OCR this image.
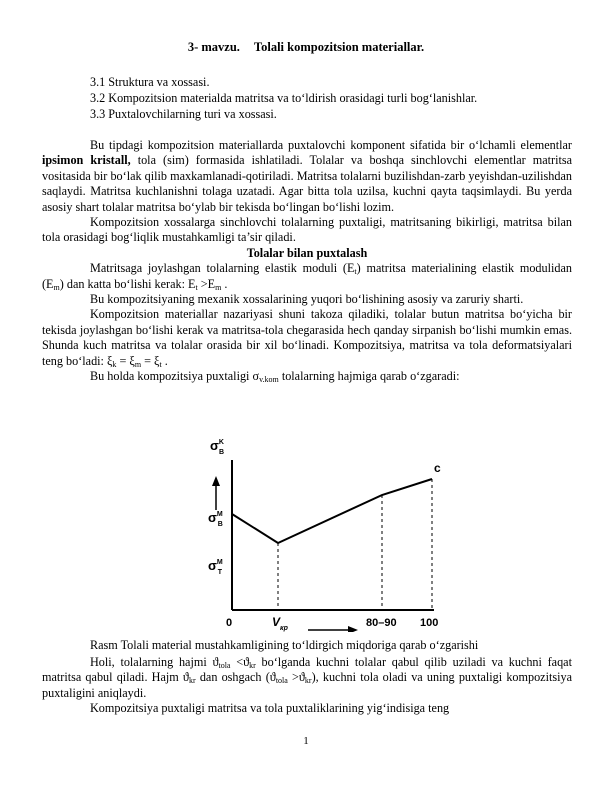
3- mavzu. Tolali kompozitsion materiallar.
3.1 Struktura va xossasi.
3.2 Kompozitsion materialda matritsa va to‘ldirish orasidagi turli bog‘lanishlar.
3.3 Puxtalovchilarning turi va xossasi.

Bu tipdagi kompozitsion materiallarda puxtalovchi komponent sifatida bir o‘lchamli elementlar ipsimon kristall, tola (sim) formasida ishlatiladi. Tolalar va boshqa sinchlovchi elementlar matritsa vositasida bir bo‘lak qilib maxkamlanadi-qotiriladi. Matritsa tolalarni buzilishdan-zarb yeyishdan-uzilishdan saqlaydi. Matritsa kuchlanishni tolaga uzatadi. Agar bitta tola uzilsa, kuchni qayta taqsimlaydi. Bu yerda asosiy shart tolalar matritsa bo‘ylab bir tekisda bo‘lingan bo‘lishi lozim.

Kompozitsion xossalarga sinchlovchi tolalarning puxtaligi, matritsaning bikirligi, matritsa bilan tola orasidagi bog‘liqlik mustahkamligi ta’sir qiladi.

Tolalar bilan puxtalash

Matritsaga joylashgan tolalarning elastik moduli $(E_t)$ matritsa materialining elastik modulidan $(E_m)$ dan katta bo‘lishi kerak: $E_t >E_m$ .

Bu kompozitsiyaning mexanik xossalarining yuqori bo‘lishining asosiy va zaruriy sharti.

Kompozitsion materiallar nazariyasi shuni takoza qiladiki, tolalar butun matritsa bo‘yicha bir tekisda joylashgan bo‘lishi kerak va matritsa-tola chegarasida hech qanday sirpanish bo‘lishi mumkin emas. Shunda kuch matritsa va tolalar orasida bir xil bo‘linadi. Kompozitsiya, matritsa va tola deformatsiyalari teng bo‘ladi: $\xi_k = \xi_m = \xi_t$ .

Bu holda kompozitsiya puxtaligi $\sigma_{v.kom}$ tolalarning hajmiga qarab o‘zgaradi:

$\sigma^K$ B
$\sigma^M$ B
$\sigma^M$ T
c
0	$V_{кр}$	80–90 100
Rasm Tolali material mustahkamligining to‘ldirgich miqdoriga qarab o‘zgarishi

Holi, tolalarning hajmi $ϑ_{tola} <ϑ_{kr}$ bo‘lganda kuchni tolalar qabul qilib uziladi va kuchni faqat matritsa qabul qiladi. Hajm $ϑ_{kr}$ dan oshgach $(ϑ_{tola} >ϑ_{kr})$, kuchni tola oladi va uning puxtaligi kompozitsiya puxtaligini aniqlaydi.

Kompozitsiya puxtaligi matritsa va tola puxtaliklarining yig‘indisiga teng

1
